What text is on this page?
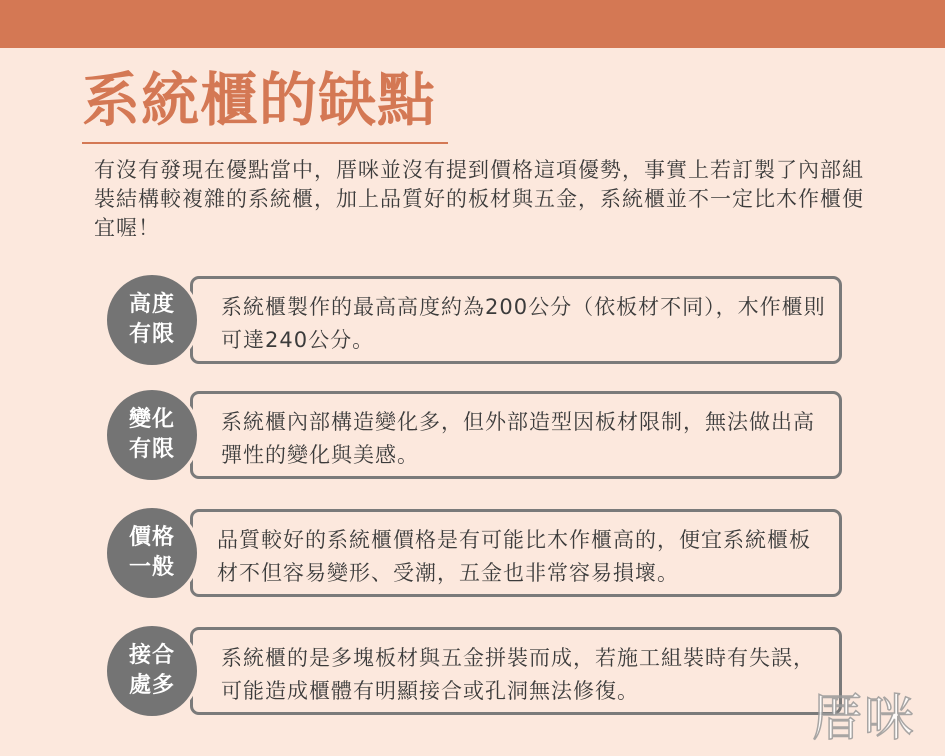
系統櫃的缺點
有沒有發現在優點當中，厝咪並沒有提到價格這項優勢，事實上若訂製了內部組裝結構較複雜的系統櫃，加上品質好的板材與五金，系統櫃並不一定比木作櫃便宜喔！
系統櫃製作的最高高度約為200公分（依板材不同），木作櫃則可達240公分。
高度
有限
系統櫃內部構造變化多，但外部造型因板材限制，無法做出高彈性的變化與美感。
變化
有限
品質較好的系統櫃價格是有可能比木作櫃高的，便宜系統櫃板材不但容易變形、受潮，五金也非常容易損壞。
價格
一般
系統櫃的是多塊板材與五金拼裝而成，若施工組裝時有失誤，可能造成櫃體有明顯接合或孔洞無法修復。
接合
處多
厝咪
